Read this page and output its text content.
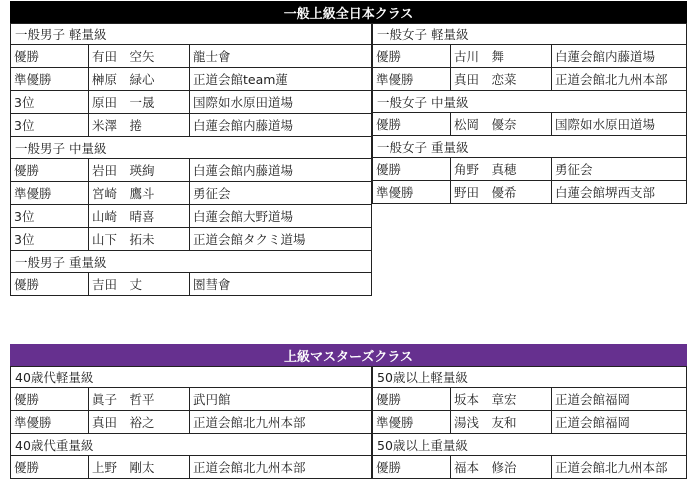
一般上級全日本クラス
一般男子 軽量級
優勝	有田　空矢	龍士會
準優勝	榊原　緑心	正道会館team蓮
3位	原田　一晟	国際如水原田道場
3位	米澤　捲	白蓮会館内藤道場
一般男子 中量級
優勝	岩田　瑛絢	白蓮会館内藤道場
準優勝	宮崎　鷹斗	勇征会
3位	山崎　晴喜	白蓮会館大野道場
3位	山下　拓未	正道会館タクミ道場
一般男子 重量級
優勝	吉田　丈	圏彗會
一般女子 軽量級
優勝	古川　舞	白蓮会館内藤道場
準優勝	真田　恋菜	正道会館北九州本部
一般女子 中量級
優勝	松岡　優奈	国際如水原田道場
一般女子 重量級
優勝	角野　真穂	勇征会
準優勝	野田　優希	白蓮会館堺西支部
上級マスターズクラス
40歳代軽量級
優勝	眞子　哲平	武円館
準優勝	真田　裕之	正道会館北九州本部
40歳代重量級
優勝	上野　剛太	正道会館北九州本部
50歳以上軽量級
優勝	坂本　章宏	正道会館福岡
準優勝	湯浅　友和	正道会館福岡
50歳以上重量級
優勝	福本　修治	正道会館北九州本部
